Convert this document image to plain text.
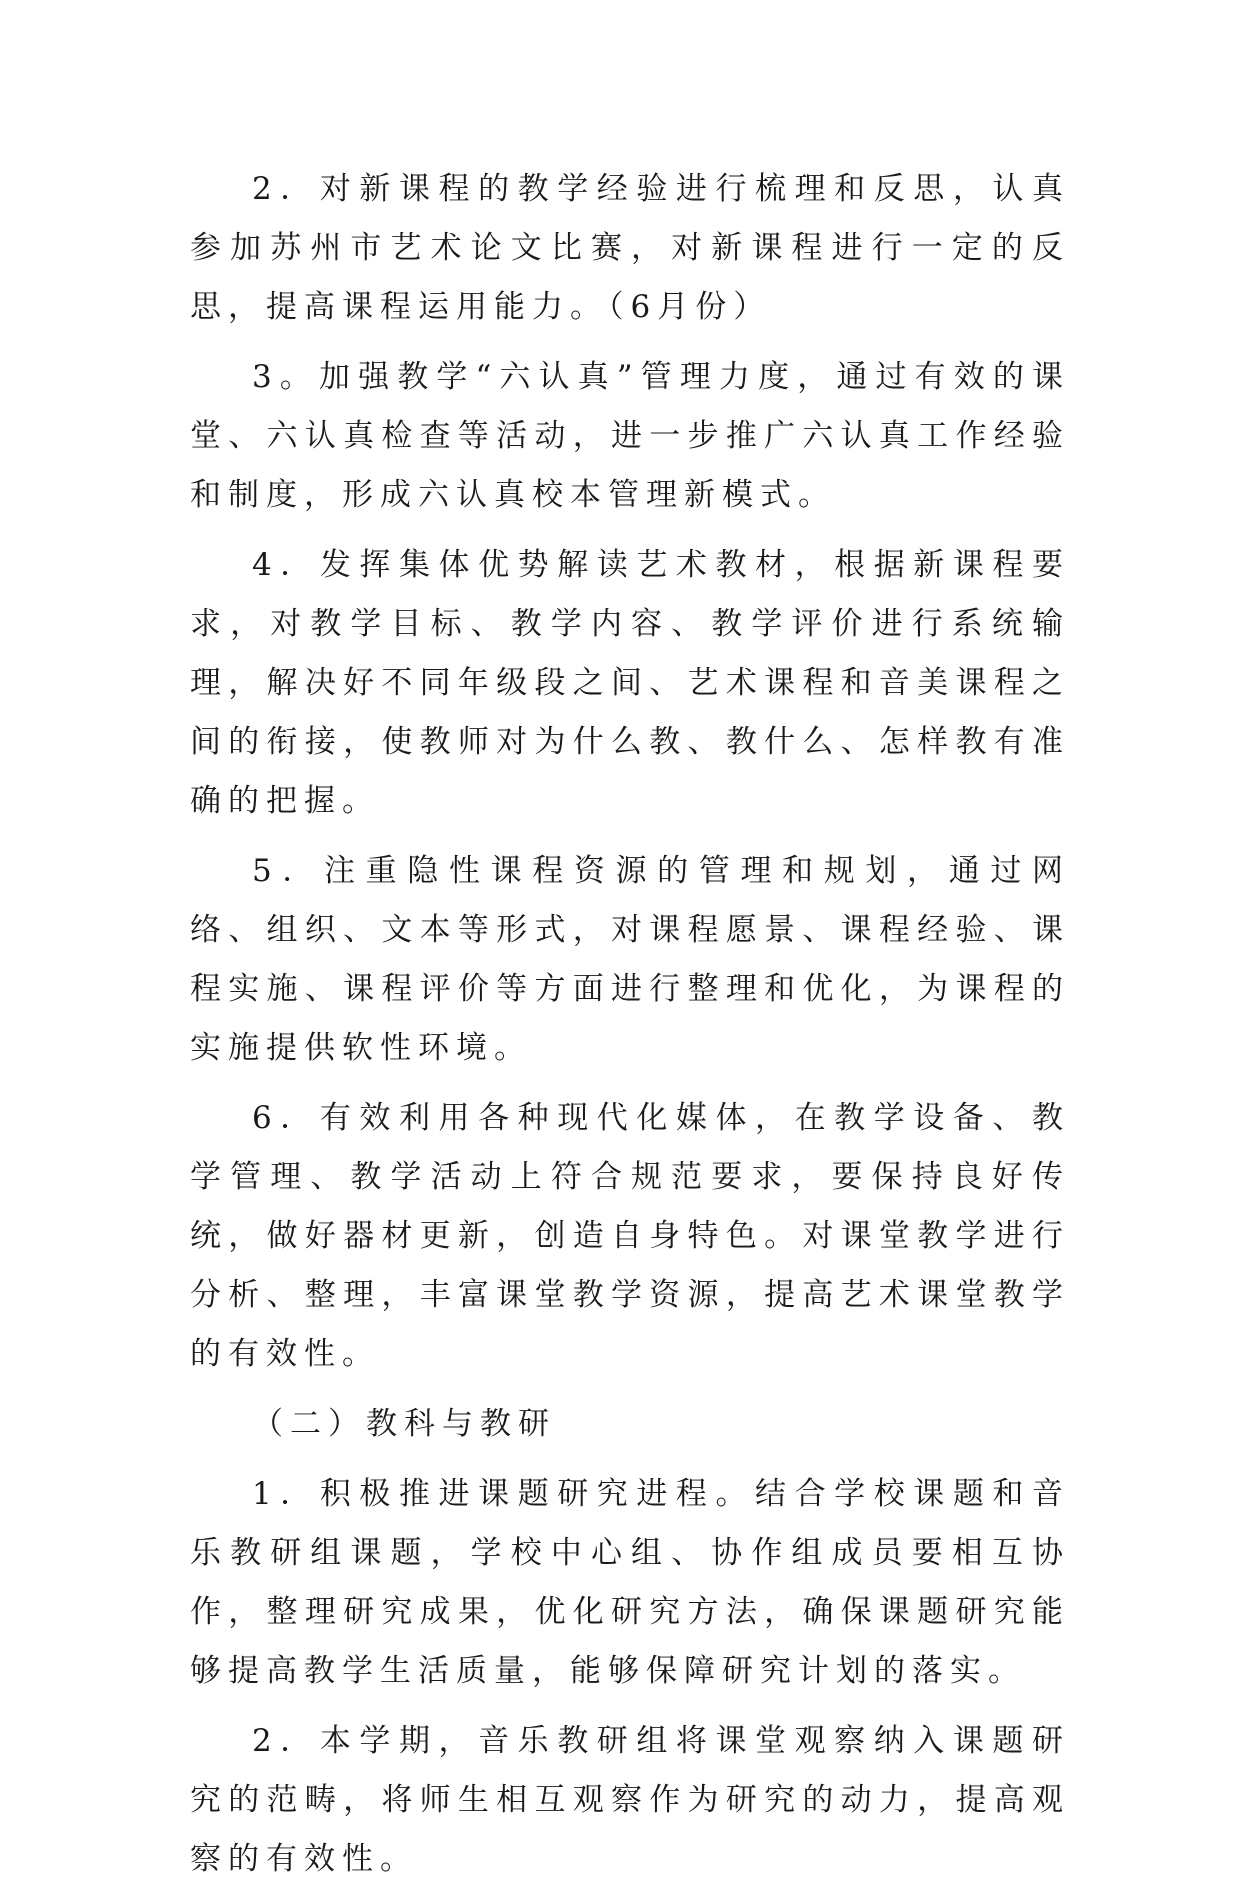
2．对新课程的教学经验进行梳理和反思，认真参加苏州市艺术论文比赛，对新课程进行一定的反思，提高课程运用能力。（6月份）

3。加强教学“六认真”管理力度，通过有效的课堂、六认真检查等活动，进一步推广六认真工作经验和制度，形成六认真校本管理新模式。

4．发挥集体优势解读艺术教材，根据新课程要求，对教学目标、教学内容、教学评价进行系统输理，解决好不同年级段之间、艺术课程和音美课程之间的衔接，使教师对为什么教、教什么、怎样教有准确的把握。

5．注重隐性课程资源的管理和规划，通过网络、组织、文本等形式，对课程愿景、课程经验、课程实施、课程评价等方面进行整理和优化，为课程的实施提供软性环境。

6．有效利用各种现代化媒体，在教学设备、教学管理、教学活动上符合规范要求，要保持良好传统，做好器材更新，创造自身特色。对课堂教学进行分析、整理，丰富课堂教学资源，提高艺术课堂教学的有效性。

（二）教科与教研

1．积极推进课题研究进程。结合学校课题和音乐教研组课题，学校中心组、协作组成员要相互协作，整理研究成果，优化研究方法，确保课题研究能够提高教学生活质量，能够保障研究计划的落实。

2．本学期，音乐教研组将课堂观察纳入课题研究的范畴，将师生相互观察作为研究的动力，提高观察的有效性。
